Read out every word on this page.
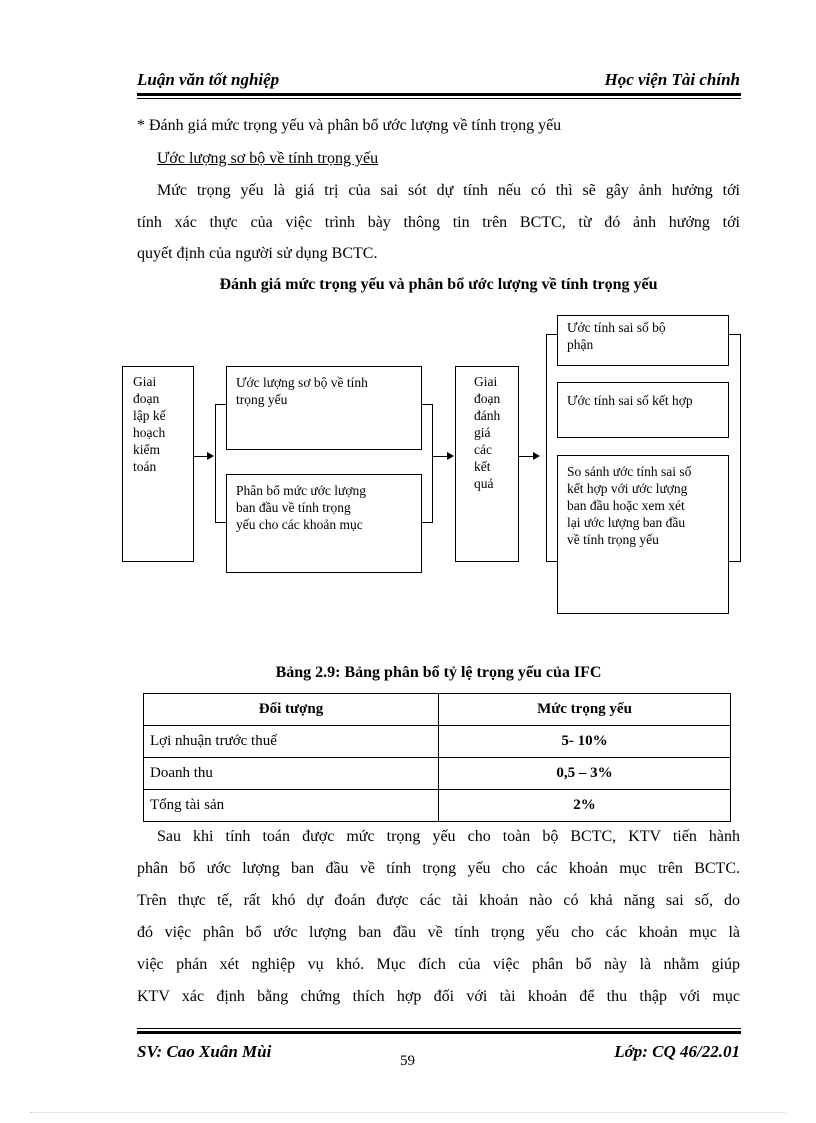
Luận văn tốt nghiệp	Học viện Tài chính
* Đánh giá mức trọng yếu và phân bổ ước lượng về tính trọng yếu
Ước lượng sơ bộ về tính trọng yếu
Mức trọng yếu là giá trị của sai sót dự tính nếu có thì sẽ gây ảnh hưởng tới
tính xác thực của việc trình bày thông tin trên BCTC, từ đó ảnh hưởng tới
quyết định của người sử dụng BCTC.
Đánh giá mức trọng yếu và phân bổ ước lượng về tính trọng yếu
Giai
đoạn
lập kế
hoạch
kiểm
toán
Ước lượng sơ bộ về tính
trọng yếu
Phân bổ mức ước lượng
ban đầu về tính trọng
yếu cho các khoản mục
Giai
đoạn
đánh
giá
các
kết
quả
Ước tính sai số bộ
phận
Ước tính sai số kết hợp
So sánh ước tính sai số
kết hợp với ước lượng
ban đầu hoặc xem xét
lại ước lượng ban đầu
về tính trọng yếu
Bảng 2.9: Bảng phân bổ tỷ lệ trọng yếu của IFC
Đối tượng	Mức trọng yếu
Lợi nhuận trước thuế	5- 10%
Doanh thu	0,5 – 3%
Tổng tài sản	2%
Sau khi tính toán được mức trọng yếu cho toàn bộ BCTC, KTV tiến hành
phân bổ ước lượng ban đầu về tính trọng yếu cho các khoản mục trên BCTC.
Trên thực tế, rất khó dự đoán được các tài khoản nào có khả năng sai số, do
đó việc phân bổ ước lượng ban đầu về tính trọng yếu cho các khoản mục là
việc phán xét nghiệp vụ khó. Mục đích của việc phân bổ này là nhằm giúp
KTV xác định bằng chứng thích hợp đối với tài khoản để thu thập với mục
SV: Cao Xuân Mùi	59	Lớp: CQ 46/22.01
